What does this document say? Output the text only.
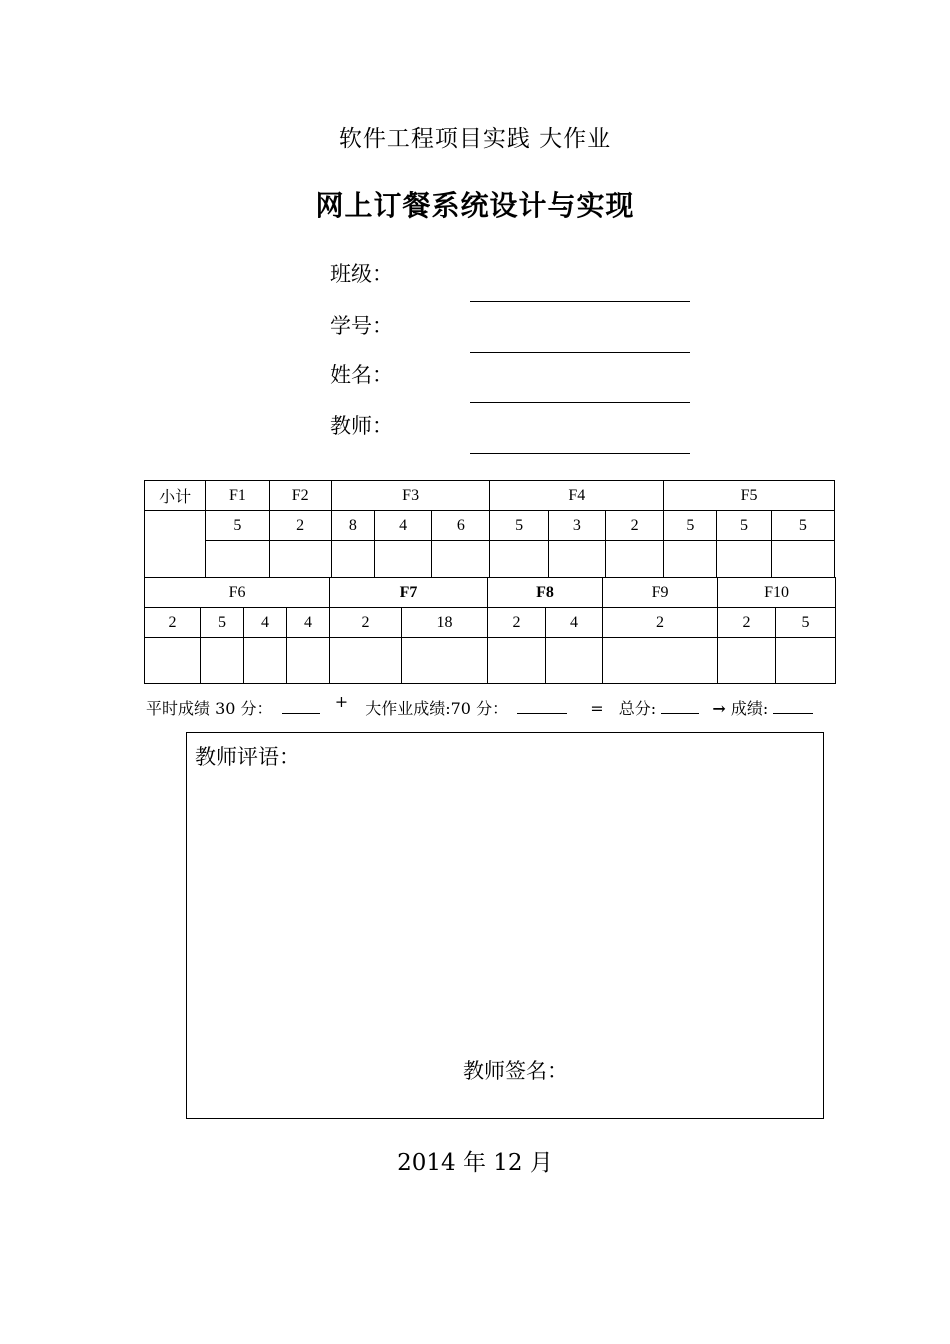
软件工程项目实践 大作业
网上订餐系统设计与实现
班级：
学号：
姓名：
教师：
小计	F1	F2	F3			F4			F5		
	5	2	8	4	6	5	3	2	5	5	5

F6				F7		F8		F9	F10	
2	5	4	4	2	18	2	4	2	2	5

平时成绩 30 分：	+ 大作业成绩:70 分：	= 总分:	→ 成绩:
教师评语：
教师签名：
2014 年 12 月
